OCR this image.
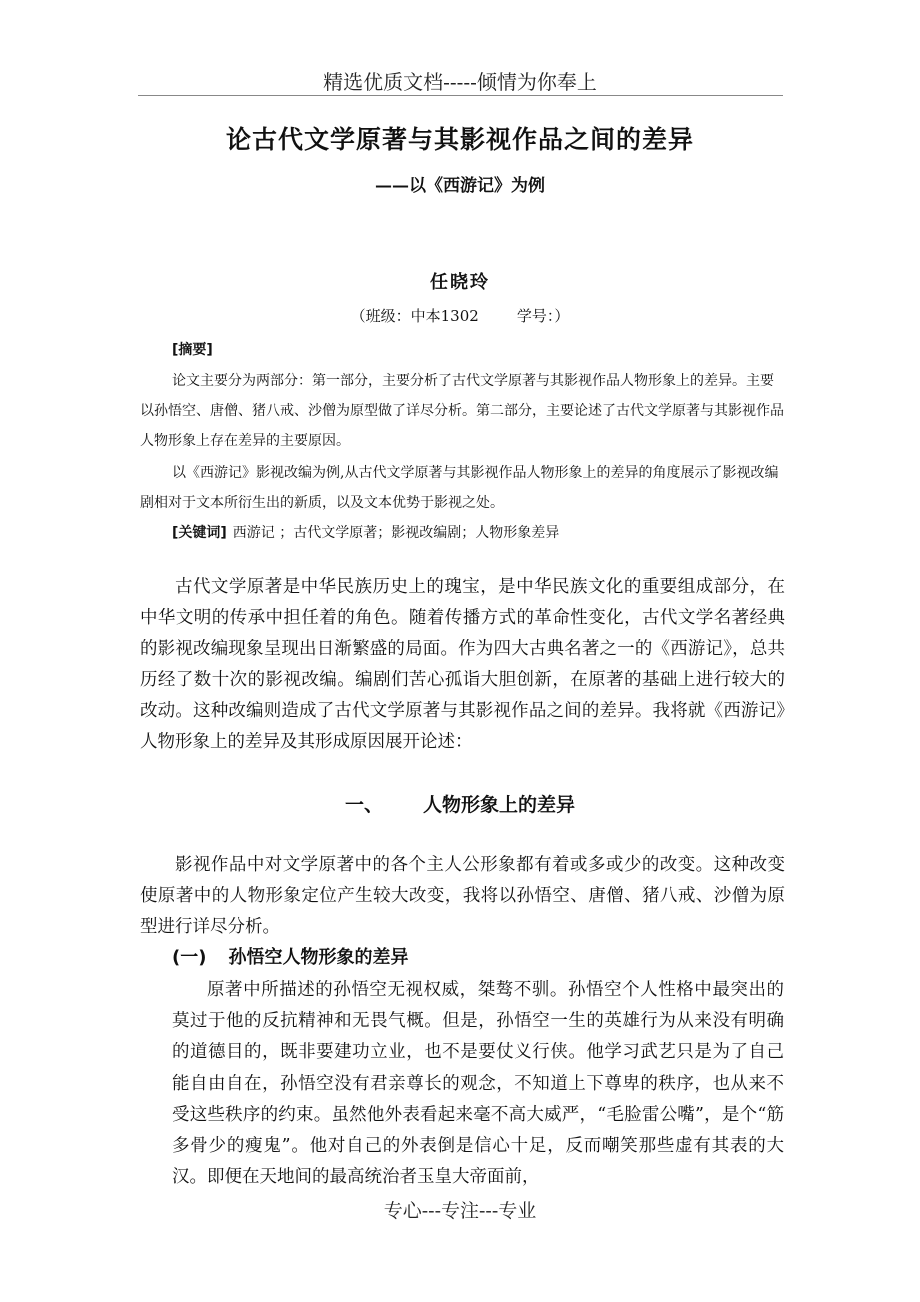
精选优质文档-----倾情为你奉上
论古代文学原著与其影视作品之间的差异
——以《西游记》为例
任晓玲
（班级：中本1302	学号：）
[摘要]
论文主要分为两部分：第一部分，主要分析了古代文学原著与其影视作品人物形象上的差异。主要以孙悟空、唐僧、猪八戒、沙僧为原型做了详尽分析。第二部分，主要论述了古代文学原著与其影视作品人物形象上存在差异的主要原因。
以《西游记》影视改编为例,从古代文学原著与其影视作品人物形象上的差异的角度展示了影视改编剧相对于文本所衍生出的新质，以及文本优势于影视之处。
[关键词] 西游记 ；古代文学原著；影视改编剧；人物形象差异
古代文学原著是中华民族历史上的瑰宝，是中华民族文化的重要组成部分，在中华文明的传承中担任着的角色。随着传播方式的革命性变化，古代文学名著经典的影视改编现象呈现出日渐繁盛的局面。作为四大古典名著之一的《西游记》，总共历经了数十次的影视改编。编剧们苦心孤诣大胆创新，在原著的基础上进行较大的改动。这种改编则造成了古代文学原著与其影视作品之间的差异。我将就《西游记》人物形象上的差异及其形成原因展开论述：
一、 人物形象上的差异
影视作品中对文学原著中的各个主人公形象都有着或多或少的改变。这种改变使原著中的人物形象定位产生较大改变，我将以孙悟空、唐僧、猪八戒、沙僧为原型进行详尽分析。
(一) 孙悟空人物形象的差异
原著中所描述的孙悟空无视权威，桀骜不驯。孙悟空个人性格中最突出的莫过于他的反抗精神和无畏气概。但是，孙悟空一生的英雄行为从来没有明确的道德目的，既非要建功立业，也不是要仗义行侠。他学习武艺只是为了自己能自由自在，孙悟空没有君亲尊长的观念，不知道上下尊卑的秩序，也从来不受这些秩序的约束。虽然他外表看起来毫不高大威严，“毛脸雷公嘴”，是个“筋多骨少的瘦鬼”。他对自己的外表倒是信心十足，反而嘲笑那些虚有其表的大汉。即便在天地间的最高统治者玉皇大帝面前，
专心---专注---专业
